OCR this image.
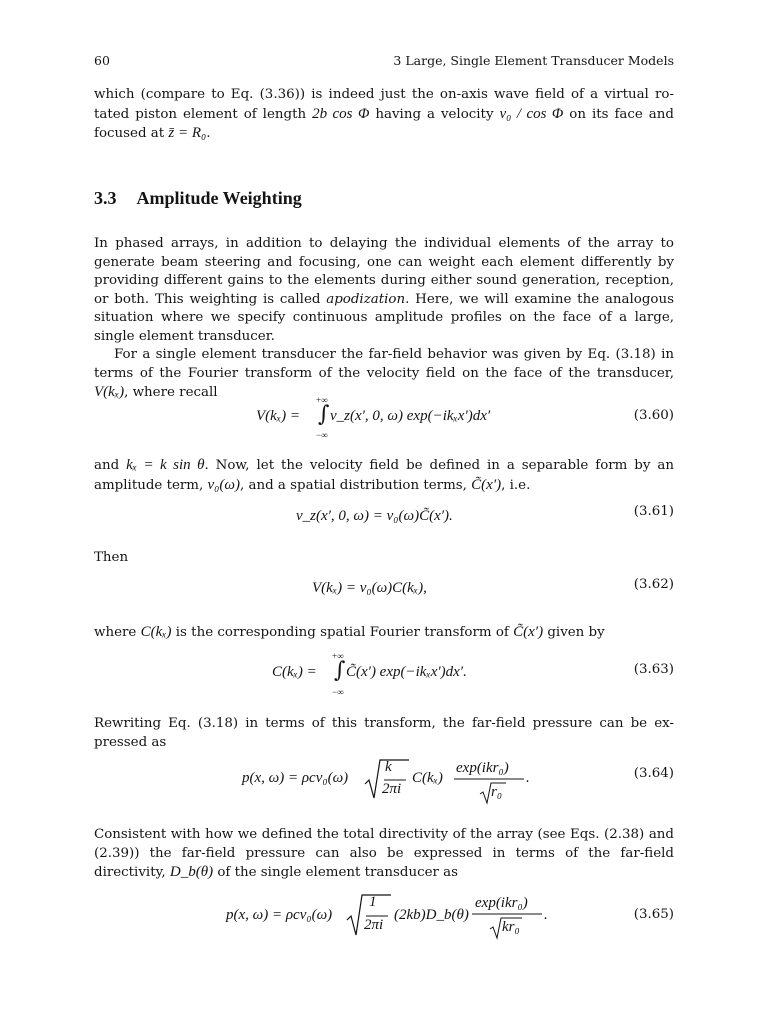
60	3 Large, Single Element Transducer Models
which (compare to Eq. (3.36)) is indeed just the on-axis wave field of a virtual ro-tated piston element of length 2b cos Φ having a velocity v₀ / cos Φ on its face and focused at z̄ = R₀.
3.3 Amplitude Weighting
In phased arrays, in addition to delaying the individual elements of the array to generate beam steering and focusing, one can weight each element differently by providing different gains to the elements during either sound generation, reception, or both. This weighting is called apodization. Here, we will examine the analogous situation where we specify continuous amplitude profiles on the face of a large, single element transducer.
For a single element transducer the far-field behavior was given by Eq. (3.18) in terms of the Fourier transform of the velocity field on the face of the transducer, V(kₓ), where recall
V(kₓ) =
+∞
∫
−∞
v_z(x′, 0, ω) exp(−ikₓx′)dx′	(3.60)
and kₓ = k sin θ. Now, let the velocity field be defined in a separable form by an amplitude term, v₀(ω), and a spatial distribution terms, C̃(x′), i.e.
v_z(x′, 0, ω) = v₀(ω)C̃(x′).	(3.61)
Then
V(kₓ) = v₀(ω)C(kₓ),	(3.62)
where C(kₓ) is the corresponding spatial Fourier transform of C̃(x′) given by
C(kₓ) =
+∞
∫
−∞
C̃(x′) exp(−ikₓx′)dx′.	(3.63)
Rewriting Eq. (3.18) in terms of this transform, the far-field pressure can be ex-pressed as
p(x, ω) = ρcv₀(ω)
k
2πi
C(kₓ)
exp(ikr₀)
r₀
.	(3.64)
Consistent with how we defined the total directivity of the array (see Eqs. (2.38) and (2.39)) the far-field pressure can also be expressed in terms of the far-field directivity, D_b(θ) of the single element transducer as
p(x, ω) = ρcv₀(ω)
1
2πi
(2kb)D_b(θ)
exp(ikr₀)
kr₀
.	(3.65)
